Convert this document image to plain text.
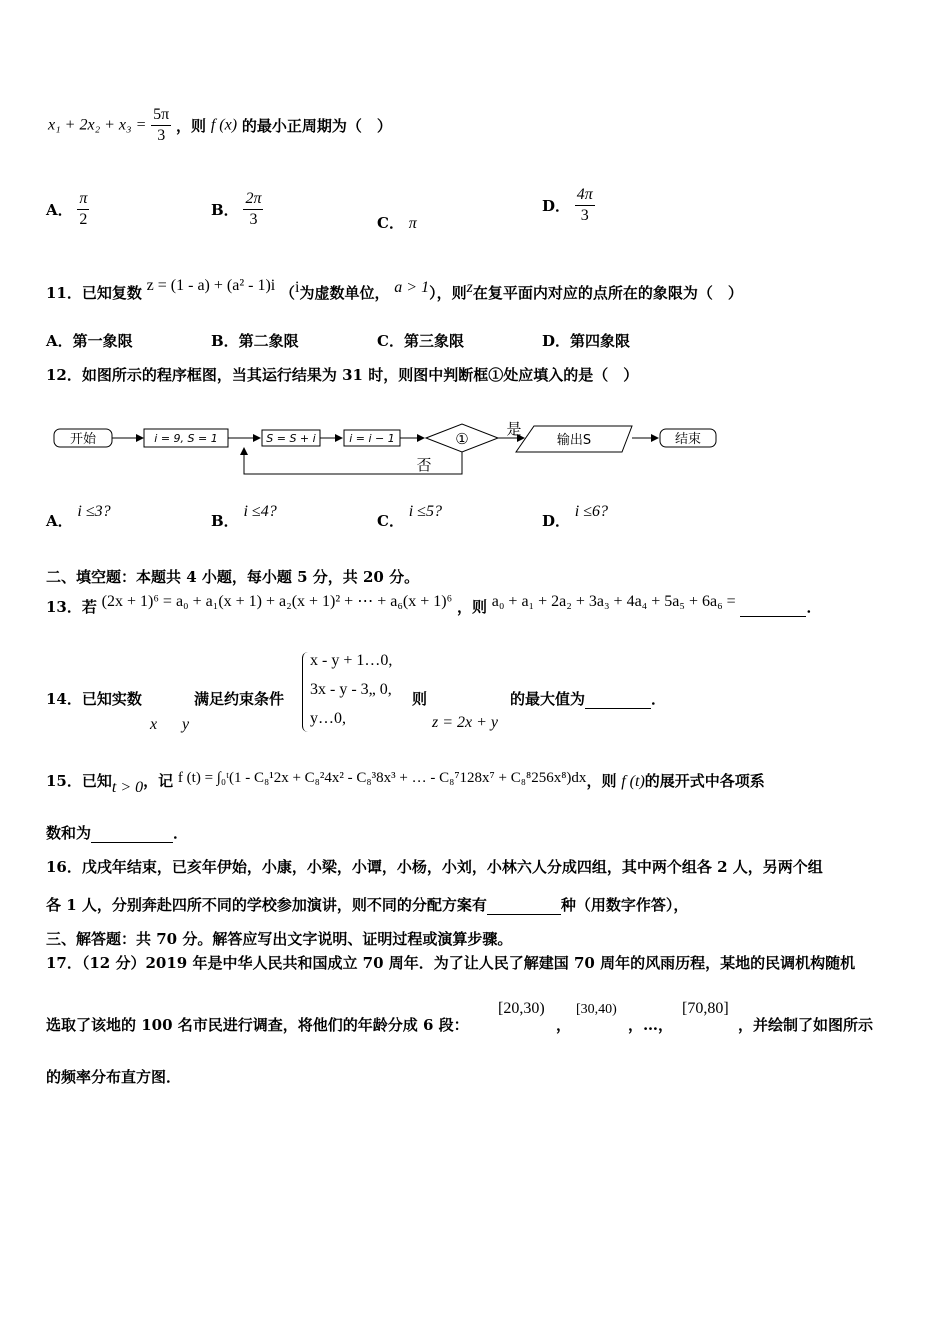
$x_1 + 2x_2 + x_3 = \frac{5\pi}{3}$ ，则 f (x) 的最小正周期为（　）
A． $\frac{\pi}{2}$	B． $\frac{2\pi}{3}$	C． π
D． $\frac{4\pi}{3}$
11．已知复数 z = (1 - a) + (a² - 1)i （i为虚数单位， a > 1），则z在复平面内对应的点所在的象限为（　）
A．第一象限	B．第二象限	C．第三象限	D．第四象限
12．如图所示的程序框图，当其运行结果为 31 时，则图中判断框①处应填入的是（　）
开始	i = 9, S = 1	S = S + i	i = i − 1	①
是
输出S	结束
否
A． i ≤3?
B． i ≤4?
C． i ≤5?
D． i ≤6?
二、填空题：本题共 4 小题，每小题 5 分，共 20 分。
13．若 (2x + 1)⁶ = a₀ + a₁(x + 1) + a₂(x + 1)² + ⋯ + a₆(x + 1)⁶ ，则 a₀ + a₁ + 2a₂ + 3a₃ + 4a₄ + 5a₅ + 6a₆ =	．
14．已知实数	满足约束条件
x - y + 1…0,
3x - y - 3„ 0,
y…0,
则	的最大值为	．
x y	z = 2x + y
15．已知t > 0，记 f (t) = ∫₀ᵗ(1 - C₈¹2x + C₈²4x² - C₈³8x³ + … - C₈⁷128x⁷ + C₈⁸256x⁸)dx，则 f (t)的展开式中各项系
数和为	．
16．戊戌年结束，已亥年伊始，小康，小梁，小谭，小杨，小刘，小林六人分成四组，其中两个组各 2 人，另两个组
各 1 人，分别奔赴四所不同的学校参加演讲，则不同的分配方案有	种（用数字作答），
三、解答题：共 70 分。解答应写出文字说明、证明过程或演算步骤。
17．（12 分）2019 年是中华人民共和国成立 70 周年．为了让人民了解建国 70 周年的风雨历程，某地的民调机构随机
选取了该地的 100 名市民进行调查，将他们的年龄分成 6 段：
[20,30)
，
[30,40)
，…，
[70,80]
，并绘制了如图所示
的频率分布直方图．
